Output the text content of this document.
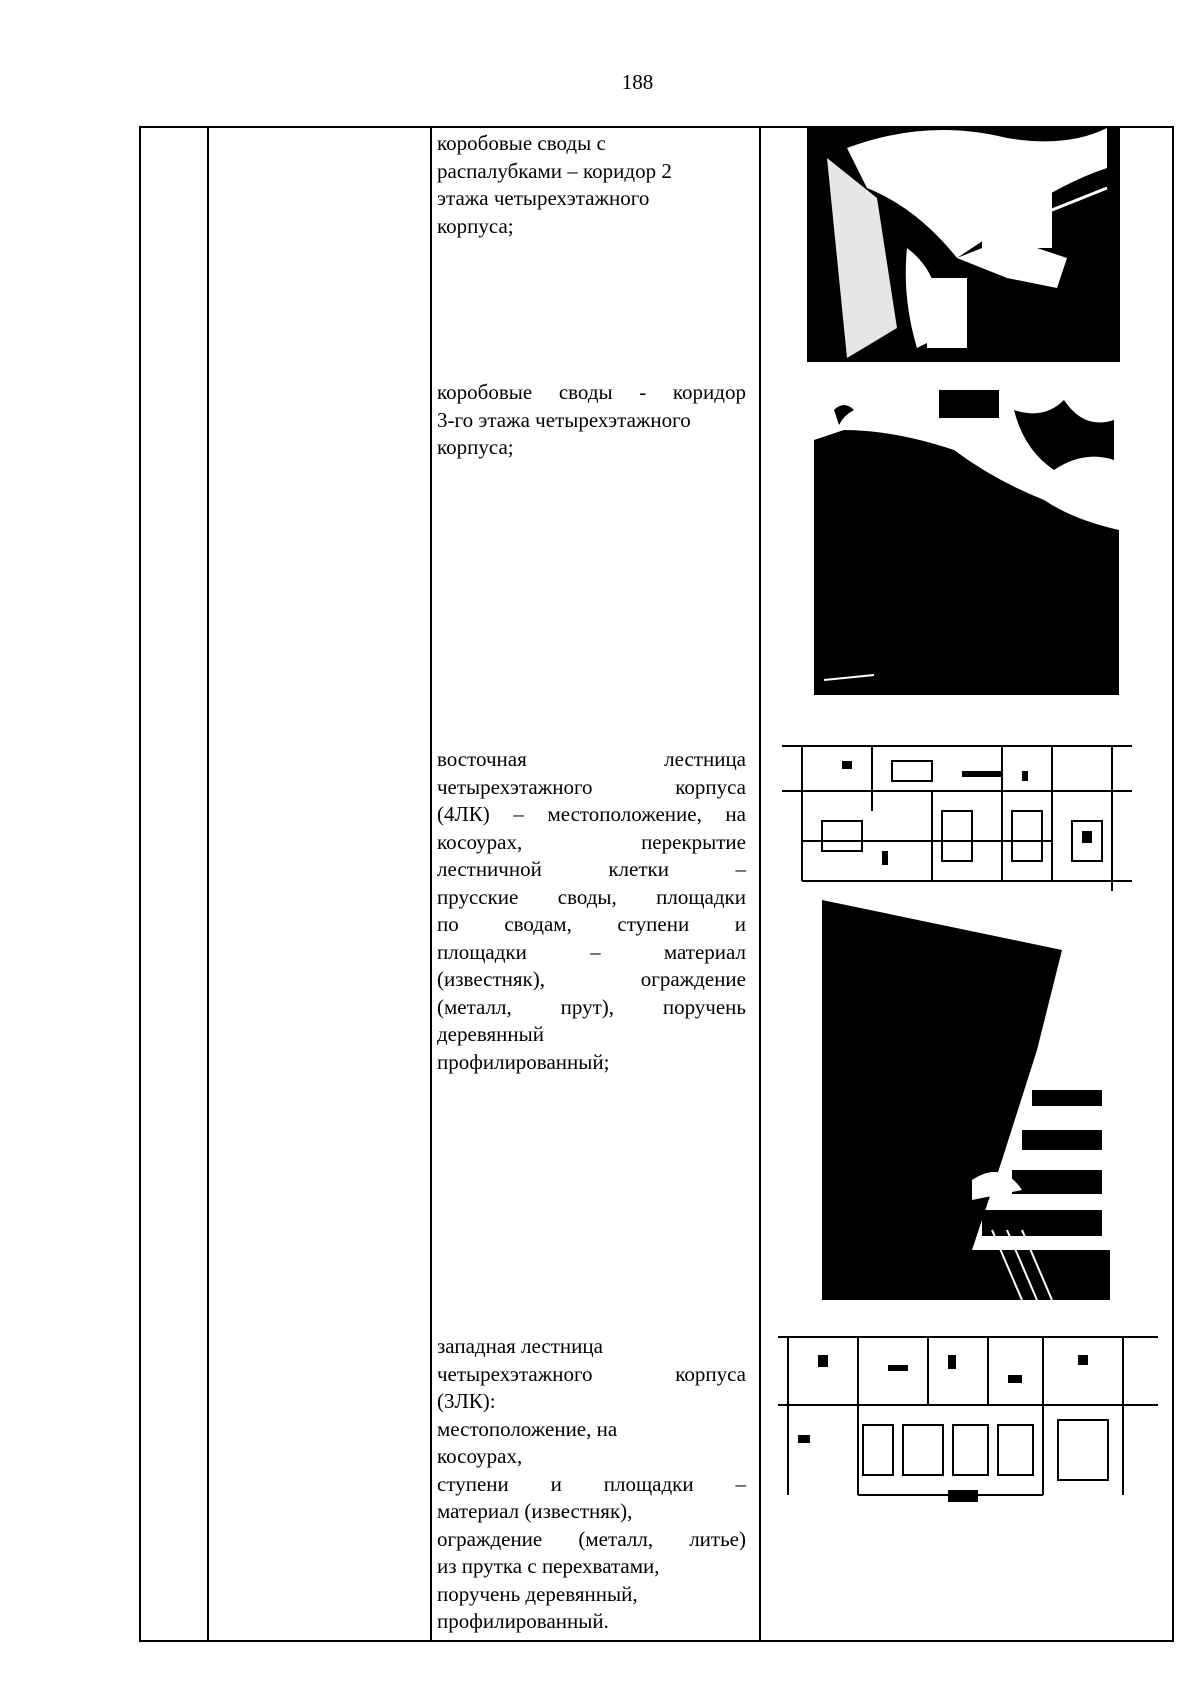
188
коробовые своды с
распалубками – коридор 2
этажа четырехэтажного
корпуса;
коробовые своды - коридор
3-го этажа четырехэтажного
корпуса;
восточная лестница
четырехэтажного корпуса
(4ЛК) – местоположение, на
косоурах, перекрытие
лестничной клетки –
прусские своды, площадки
по сводам, ступени и
площадки – материал
(известняк), ограждение
(металл, прут), поручень
деревянный
профилированный;
западная лестница
четырехэтажного корпуса
(3ЛК):
местоположение, на
косоурах,
ступени и площадки –
материал (известняк),
ограждение (металл, литье)
из прутка с перехватами,
поручень деревянный,
профилированный.
